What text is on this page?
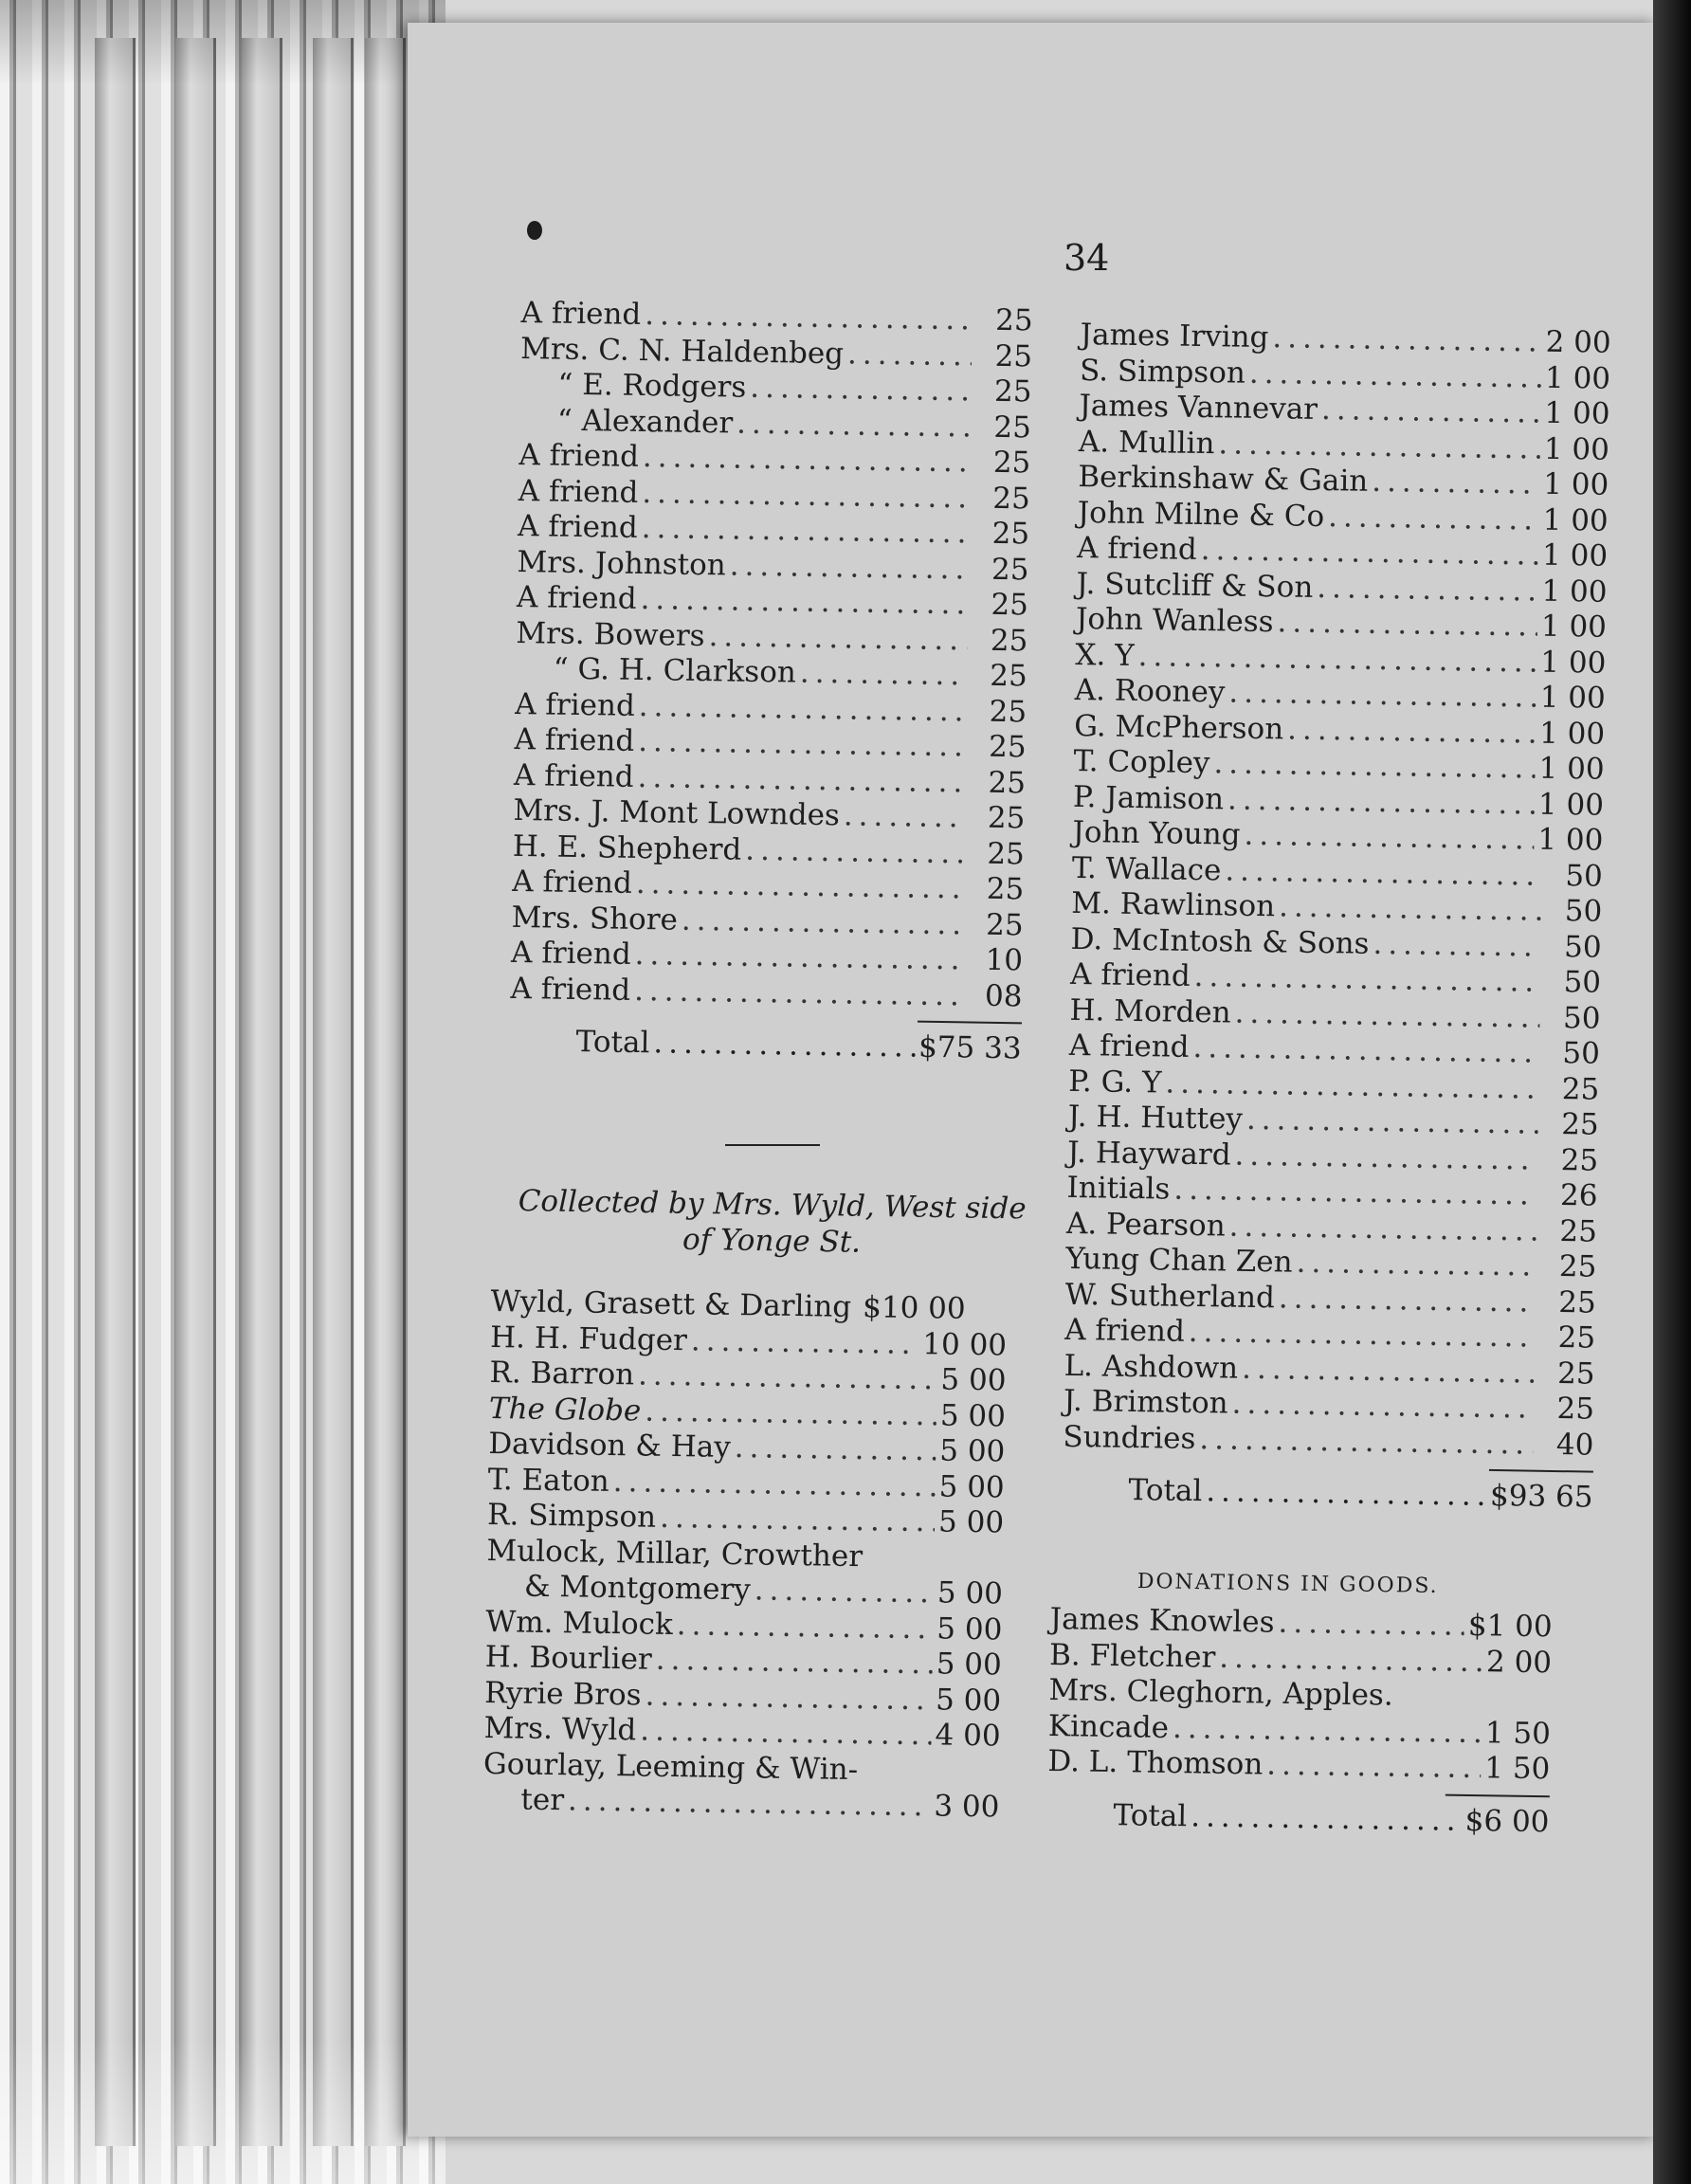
34
A friend .....	25
Mrs. C. N. Haldenbeg .....	25
“ E. Rodgers .....	25
“ Alexander .....	25
A friend .....	25
A friend .....	25
A friend .....	25
Mrs. Johnston .....	25
A friend .....	25
Mrs. Bowers .....	25
“ G. H. Clarkson .....	25
A friend .....	25
A friend .....	25
A friend .....	25
Mrs. J. Mont Lowndes .....	25
H. E. Shepherd .....	25
A friend .....	25
Mrs. Shore .....	25
A friend .....	10
A friend .....	08
Total .....	$75 33
Collected by Mrs. Wyld, West side of Yonge St.
Wyld, Grasett & Darling $10 00
H. H. Fudger .....	10 00
R. Barron .....	5 00
The Globe .....	5 00
Davidson & Hay .....	5 00
T. Eaton .....	5 00
R. Simpson .....	5 00
Mulock, Millar, Crowther
& Montgomery .....	5 00
Wm. Mulock .....	5 00
H. Bourlier .....	5 00
Ryrie Bros .....	5 00
Mrs. Wyld .....	4 00
Gourlay, Leeming & Win-
ter .....	3 00
James Irving .....	2 00
S. Simpson .....	1 00
James Vannevar .....	1 00
A. Mullin .....	1 00
Berkinshaw & Gain .....	1 00
John Milne & Co .....	1 00
A friend .....	1 00
J. Sutcliff & Son .....	1 00
John Wanless .....	1 00
X. Y .....	1 00
A. Rooney .....	1 00
G. McPherson .....	1 00
T. Copley .....	1 00
P. Jamison .....	1 00
John Young .....	1 00
T. Wallace .....	50
M. Rawlinson .....	50
D. McIntosh & Sons .....	50
A friend .....	50
H. Morden .....	50
A friend .....	50
P. G. Y .....	25
J. H. Huttey .....	25
J. Hayward .....	25
Initials .....	26
A. Pearson .....	25
Yung Chan Zen .....	25
W. Sutherland .....	25
A friend .....	25
L. Ashdown .....	25
J. Brimston .....	25
Sundries .....	40
Total .....	$93 65
DONATIONS IN GOODS.
James Knowles .....	$1 00
B. Fletcher .....	2 00
Mrs. Cleghorn, Apples.
Kincade .....	1 50
D. L. Thomson .....	1 50
Total .....	$6 00
